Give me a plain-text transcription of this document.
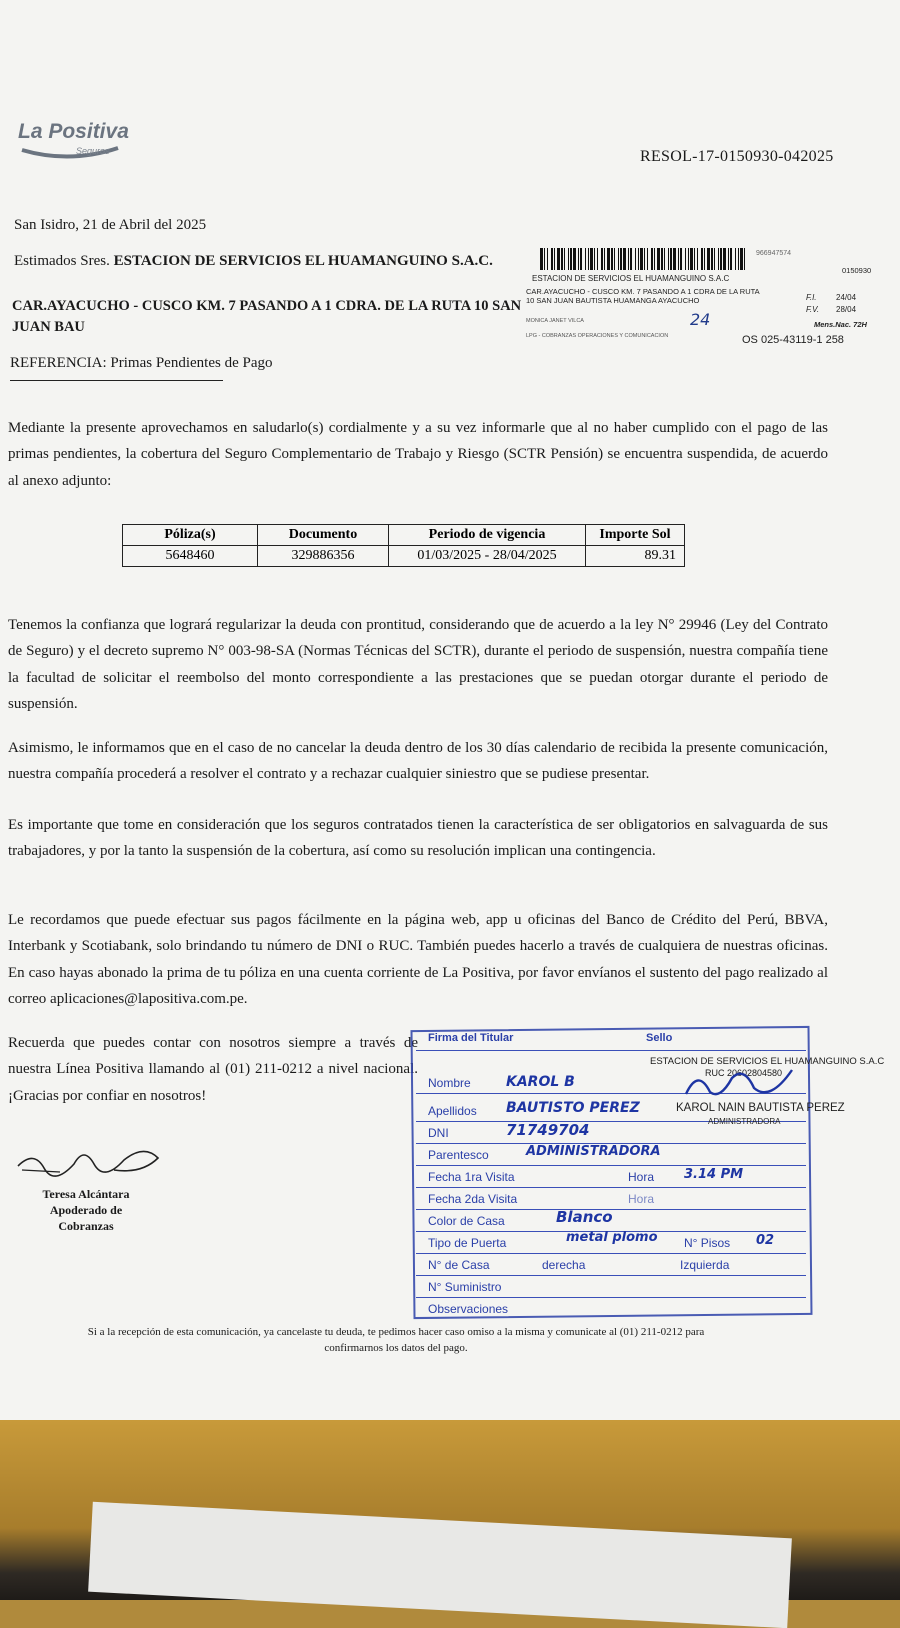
La Positiva
Seguros	RESOL-17-0150930-042025
San Isidro, 21 de Abril del 2025
Estimados Sres. ESTACION DE SERVICIOS EL HUAMANGUINO S.A.C.
CAR.AYACUCHO - CUSCO KM. 7 PASANDO A 1 CDRA. DE LA RUTA 10 SAN JUAN BAU
REFERENCIA: Primas Pendientes de Pago
966947574
ESTACION DE SERVICIOS EL HUAMANGUINO S.A.C
0150930
CAR.AYACUCHO - CUSCO KM. 7 PASANDO A 1 CDRA DE LA RUTA 10 SAN JUAN BAUTISTA HUAMANGA AYACUCHO
MONICA JANET VILCA
LPG - COBRANZAS OPERACIONES Y COMUNICACION
24
F.I. 24/04
F.V. 28/04
Mens.Nac. 72H
OS 025-43119-1 258
Mediante la presente aprovechamos en saludarlo(s) cordialmente y a su vez informarle que al no haber cumplido con el pago de las primas pendientes, la cobertura del Seguro Complementario de Trabajo y Riesgo (SCTR Pensión) se encuentra suspendida, de acuerdo al anexo adjunto:
Póliza(s)	Documento	Periodo de vigencia	Importe Sol
5648460	329886356	01/03/2025 - 28/04/2025	89.31
Tenemos la confianza que logrará regularizar la deuda con prontitud, considerando que de acuerdo a la ley N° 29946 (Ley del Contrato de Seguro) y el decreto supremo N° 003-98-SA (Normas Técnicas del SCTR), durante el periodo de suspensión, nuestra compañía tiene la facultad de solicitar el reembolso del monto correspondiente a las prestaciones que se puedan otorgar durante el periodo de suspensión.
Asimismo, le informamos que en el caso de no cancelar la deuda dentro de los 30 días calendario de recibida la presente comunicación, nuestra compañía procederá a resolver el contrato y a rechazar cualquier siniestro que se pudiese presentar.
Es importante que tome en consideración que los seguros contratados tienen la característica de ser obligatorios en salvaguarda de sus trabajadores, y por la tanto la suspensión de la cobertura, así como su resolución implican una contingencia.
Le recordamos que puede efectuar sus pagos fácilmente en la página web, app u oficinas del Banco de Crédito del Perú, BBVA, Interbank y Scotiabank, solo brindando tu número de DNI o RUC. También puedes hacerlo a través de cualquiera de nuestras oficinas. En caso hayas abonado la prima de tu póliza en una cuenta corriente de La Positiva, por favor envíanos el sustento del pago realizado al correo aplicaciones@lapositiva.com.pe.
Recuerda que puedes contar con nosotros siempre a través de nuestra Línea Positiva llamando al (01) 211-0212 a nivel nacional. ¡Gracias por confiar en nosotros!
Teresa Alcántara
Apoderado de Cobranzas
Firma del Titular	Sello
Nombre	KAROL B
Apellidos BAUTISTO PEREZ
DNI	71749704
Parentesco	ADMINISTRADORA
Fecha 1ra Visita	Hora 3.14 PM
Fecha 2da Visita	Hora
Color de Casa	Blanco
Tipo de Puerta	metal plomo N° Pisos 02
N° de Casa	derecha	Izquierda
N° Suministro
Observaciones
ESTACION DE SERVICIOS EL HUAMANGUINO S.A.C
RUC 20602804580
KAROL NAIN BAUTISTA PEREZ
ADMINISTRADORA
Si a la recepción de esta comunicación, ya cancelaste tu deuda, te pedimos hacer caso omiso a la misma y comunicate al (01) 211-0212 para confirmarnos los datos del pago.
